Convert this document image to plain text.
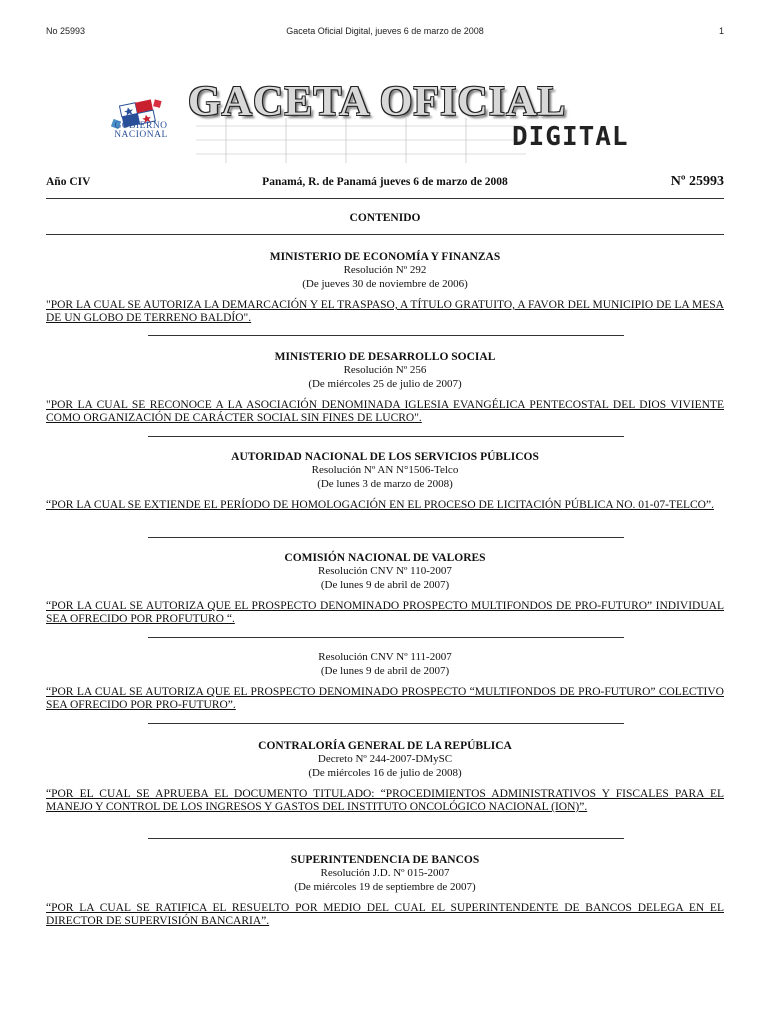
No 25993	Gaceta Oficial Digital, jueves 6 de marzo de 2008	1
GOBIERNO
NACIONAL
GACETA OFICIAL
DIGITAL
Año CIV	Panamá, R. de Panamá jueves 6 de marzo de 2008	Nº 25993
CONTENIDO
MINISTERIO DE ECONOMÍA Y FINANZAS
Resolución Nº 292
(De jueves 30 de noviembre de 2006)
"POR LA CUAL SE AUTORIZA LA DEMARCACIÓN Y EL TRASPASO, A TÍTULO GRATUITO, A FAVOR DEL MUNICIPIO DE LA MESA DE UN GLOBO DE TERRENO BALDÍO".
MINISTERIO DE DESARROLLO SOCIAL
Resolución Nº 256
(De miércoles 25 de julio de 2007)
"POR LA CUAL SE RECONOCE A LA ASOCIACIÓN DENOMINADA IGLESIA EVANGÉLICA PENTECOSTAL DEL DIOS VIVIENTE COMO ORGANIZACIÓN DE CARÁCTER SOCIAL SIN FINES DE LUCRO".
AUTORIDAD NACIONAL DE LOS SERVICIOS PÚBLICOS
Resolución Nº AN N°1506-Telco
(De lunes 3 de marzo de 2008)
“POR LA CUAL SE EXTIENDE EL PERÍODO DE HOMOLOGACIÓN EN EL PROCESO DE LICITACIÓN PÚBLICA NO. 01-07-TELCO”.
COMISIÓN NACIONAL DE VALORES
Resolución CNV Nº 110-2007
(De lunes 9 de abril de 2007)
“POR LA CUAL SE AUTORIZA QUE EL PROSPECTO DENOMINADO PROSPECTO MULTIFONDOS DE PRO-FUTURO” INDIVIDUAL SEA OFRECIDO POR PROFUTURO “.
Resolución CNV Nº 111-2007
(De lunes 9 de abril de 2007)
“POR LA CUAL SE AUTORIZA QUE EL PROSPECTO DENOMINADO PROSPECTO “MULTIFONDOS DE PRO-FUTURO” COLECTIVO SEA OFRECIDO POR PRO-FUTURO”.
CONTRALORÍA GENERAL DE LA REPÚBLICA
Decreto Nº 244-2007-DMySC
(De miércoles 16 de julio de 2008)
“POR EL CUAL SE APRUEBA EL DOCUMENTO TITULADO: “PROCEDIMIENTOS ADMINISTRATIVOS Y FISCALES PARA EL MANEJO Y CONTROL DE LOS INGRESOS Y GASTOS DEL INSTITUTO ONCOLÓGICO NACIONAL (ION)”.
SUPERINTENDENCIA DE BANCOS
Resolución J.D. Nº 015-2007
(De miércoles 19 de septiembre de 2007)
“POR LA CUAL SE RATIFICA EL RESUELTO POR MEDIO DEL CUAL EL SUPERINTENDENTE DE BANCOS DELEGA EN EL DIRECTOR DE SUPERVISIÓN BANCARIA”.
